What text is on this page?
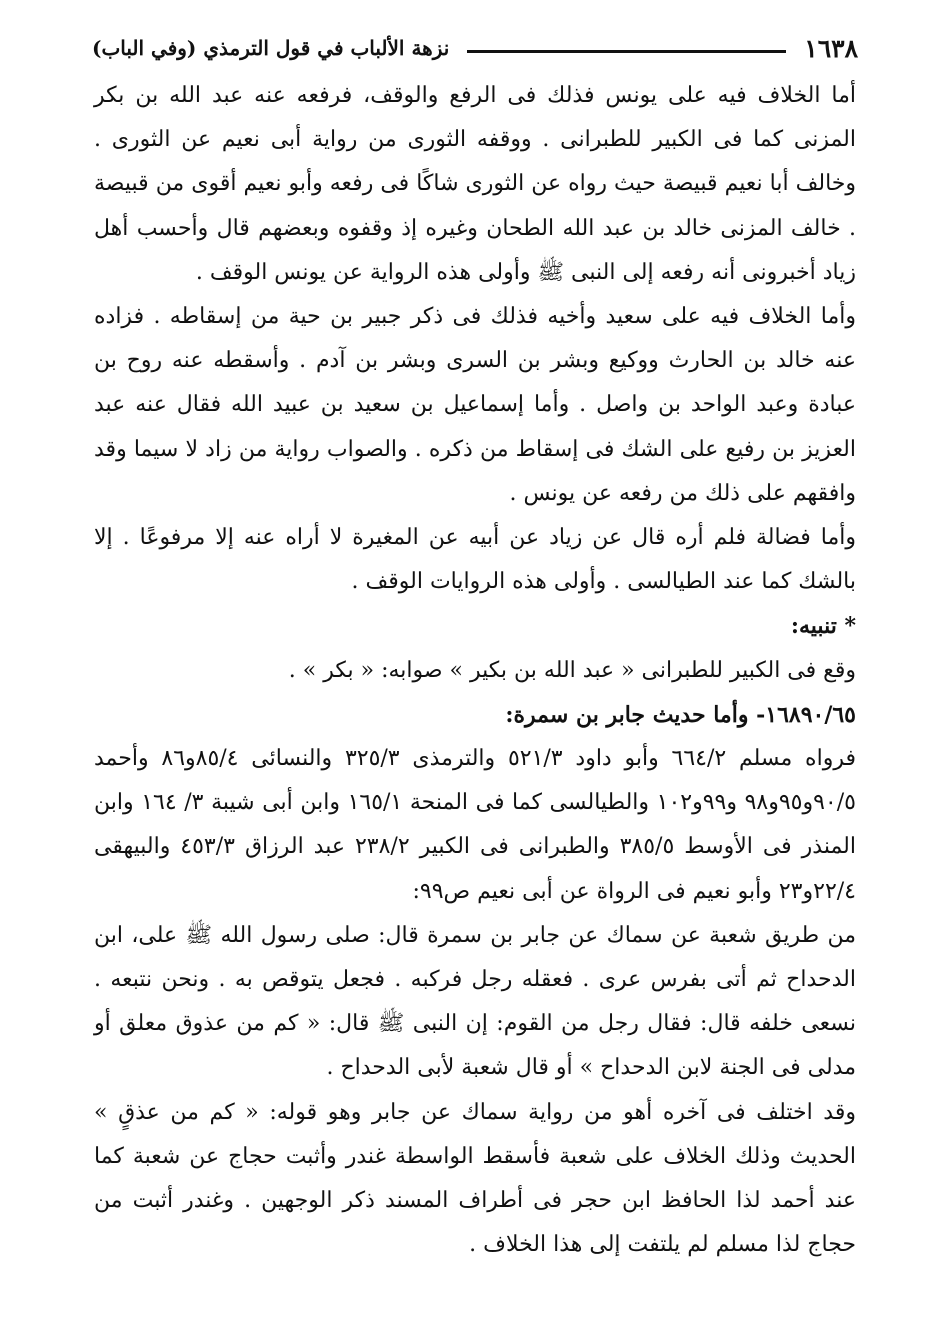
١٦٣٨
نزهة الألباب في قول الترمذي (وفي الباب)

أما الخلاف فيه على يونس فذلك فى الرفع والوقف، فرفعه عنه عبد الله بن بكر المزنى كما فى الكبير للطبرانى . ووقفه الثورى من رواية أبى نعيم عن الثورى . وخالف أبا نعيم قبيصة حيث رواه عن الثورى شاكًا فى رفعه وأبو نعيم أقوى من قبيصة . خالف المزنى خالد بن عبد الله الطحان وغيره إذ وقفوه وبعضهم قال وأحسب أهل زياد أخبرونى أنه رفعه إلى النبى ﷺ وأولى هذه الرواية عن يونس الوقف .

وأما الخلاف فيه على سعيد وأخيه فذلك فى ذكر جبير بن حية من إسقاطه . فزاده عنه خالد بن الحارث ووكيع وبشر بن السرى وبشر بن آدم . وأسقطه عنه روح بن عبادة وعبد الواحد بن واصل . وأما إسماعيل بن سعيد بن عبيد الله فقال عنه عبد العزيز بن رفيع على الشك فى إسقاط من ذكره . والصواب رواية من زاد لا سيما وقد وافقهم على ذلك من رفعه عن يونس .

وأما فضالة فلم أره قال عن زياد عن أبيه عن المغيرة لا أراه عنه إلا مرفوعًا . إلا بالشك كما عند الطيالسى . وأولى هذه الروايات الوقف .

* تنبيه:

وقع فى الكبير للطبرانى « عبد الله بن بكير » صوابه: « بكر » .

١٦٨٩٠/٦٥- وأما حديث جابر بن سمرة:

فرواه مسلم ٦٦٤/٢ وأبو داود ٥٢١/٣ والترمذى ٣٢٥/٣ والنسائى ٨٥/٤و٨٦ وأحمد ٩٠/٥و٩٥و٩٨ و٩٩و١٠٢ والطيالسى كما فى المنحة ١٦٥/١ وابن أبى شيبة ٣/ ١٦٤ وابن المنذر فى الأوسط ٣٨٥/٥ والطبرانى فى الكبير ٢٣٨/٢ عبد الرزاق ٤٥٣/٣ والبيهقى ٢٢/٤و٢٣ وأبو نعيم فى الرواة عن أبى نعيم ص٩٩:

من طريق شعبة عن سماك عن جابر بن سمرة قال: صلى رسول الله ﷺ على، ابن الدحداح ثم أتى بفرس عرى . فعقله رجل فركبه . فجعل يتوقص به . ونحن نتبعه . نسعى خلفه قال: فقال رجل من القوم: إن النبى ﷺ قال: « كم من عذوق معلق أو مدلى فى الجنة لابن الدحداح » أو قال شعبة لأبى الدحداح .

وقد اختلف فى آخره أهو من رواية سماك عن جابر وهو قوله: « كم من عذقٍ » الحديث وذلك الخلاف على شعبة فأسقط الواسطة غندر وأثبت حجاج عن شعبة كما عند أحمد لذا الحافظ ابن حجر فى أطراف المسند ذكر الوجهين . وغندر أثبت من حجاج لذا مسلم لم يلتفت إلى هذا الخلاف .
